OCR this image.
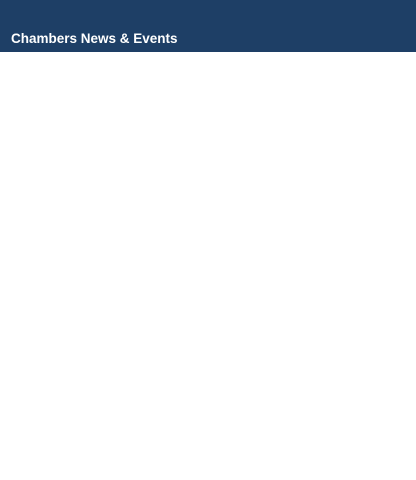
Chambers News & Events
People

Serle Court welcomed Zoe O’ Sullivan QC to Chambers from One Essex Court and Tim Benham-Mirando and Max Marenbon who started pupillage with us in October.

Andrew Bruce is congratulated on his selection to join the Pool of Arbitrators at the Court of Arbitration for Art (CAfA) based in The Hague.

Conferences and seminars

We have had an exceptionally busy year running a series of conferences, seminars and client meetings a few of which are highlighted below:

CS Hong Kong. We sponsored the CS Fraud and Asset Tracing conference in Hong Kong in June. Daleb Hagen QC and Andrew Moran QC took part as speakers. In addition, Philip Jones QC, Zoe O’Sullivan QC, Daniel Lightman QC, Richard Wilson QC and Tim Collingwood delivered seminars to several firms in Hong Kong over 4 days in 2019.

Property Conference. We hosted a half-day property conference “Trouble at Mall” at Lincoln’s Inn Old Hall. The conference was attended by 75 clients from London and beyond. Members of Serle Court took part in panel discussions during the conferences. The conference was chaired by Christopher Stone QC.

Jersey. We held a Commercial and Offshore Trusts Conference in Jersey in September, which included panel sessions on company law, trusts and civil fraud. Serle Court members took part in the panel discussions during the conference. The conference was chaired by Lance Ashworth QC.

Cyprus. We hosted our first Cross Border Litigation Conference in Cyprus in September at which Serle Court members took part together with Cypriot and international lawyers. The conference was chaired by Philip Jones QC.

Commercial Series of seminars.

We delivered a series of three commercial seminars, Fraud and Arbitration, which took place in chambers. Zoe O’Sullivan QC chaired the session, and the speakers were Jennifer Haywood, James Mather and Sophia Hurst. They touched on topics about English and BVI cases on arbitration awards procured by fraud and court powers exercisable in support of arbitration.

1975 Act Seminar. We held a breakfast seminar at Serle Court on the 1975 Act. The session was chaired by Richard Wilson QC. Constance McDonnell QC, Jennifer Haywood, James Weale and Gregor Hogan were the speakers. Topics covered were What’s been happening since Ilott v Mitson? The reasonableness of provision by way of an interest under a trust; Interim applications under s.5 of the 1975 Act; and Cases on claims out of time?

Client Party. We hosted our annual client party this year at the London Transport Museum in October, with over 300 clients attending and enjoying what was a memorable evening.

New York. We hosted our 4th International Trusts & Commercial Litigation Conference in New York on Monday, 11th November at the Top of the Rock at the Rainbow Room in the Rockefeller Centre. We welcomed over 100 clients from London, the Channel Islands, Bermuda, Bahamas, the Cayman Islands, the British Virgin Islands, Turks & Caicos Islands, and the USA with over 30 Serle Court members speaking on panel sessions.

Upcoming chambers events
Coming up later in the year dates to be confirmed

Half-Day Property Conference

Half-Day Civil Fraud Conference

New date to follow

Serle Court Company Conference 2020: Company Law in the Real World

These events are supported by our Business Development team and Clerks who organise and attend events in London and around the world.

Awards and Directories

We want to congratulate Richard Wilson QC who won ‘Advocate of the Year’ at the 14th Annual STEP Private Client Awards 2019. The judges said “Richard is an exceptionally talented practitioner, who plays ground-breaking strategies in high-profile cases that are forming our body of law. He is a star now and will be a bigger star in the future.”

We are delighted to be shortlisted as Chambers of the Year at the British Legal Awards 2019. The winners will be announced at an awards ceremony on Thursday, 27th November 2019 at the Ballroom Southbank.

Serle Court is thrilled to announce we have had another successful year in the directories. We have been recommended in 10 practice areas in Chambers & Partners 2020 UK.

Bar Guide including being ranked band 1 in 6 practice areas (Chancery Commercial, Chancery Traditional, Fraud: Civil, Partnership and Offshore). We were also recommended in the Legal 500 2020 edition where we are ranked as a top tier set in 4 practice areas (Fraud: Civil, Offshore, Private Client: Trust and Probate, and Partnership) and as a leading set in 11 practice areas.

LinkedIn

We have six discussion groups on LinkedIn to enable Serle Court members and clients to discuss topical issues in Partnership and LLP Law, Fraud and Asset Tracing, Contentious Trusts and Probate, Competition Law, Middle East & Arab Law Group and Intellectual Property, please join us.

Please also follow us on Twitter @Serle_Court.

Serlespeak is edited by
Jonathan Fowles
34  »
